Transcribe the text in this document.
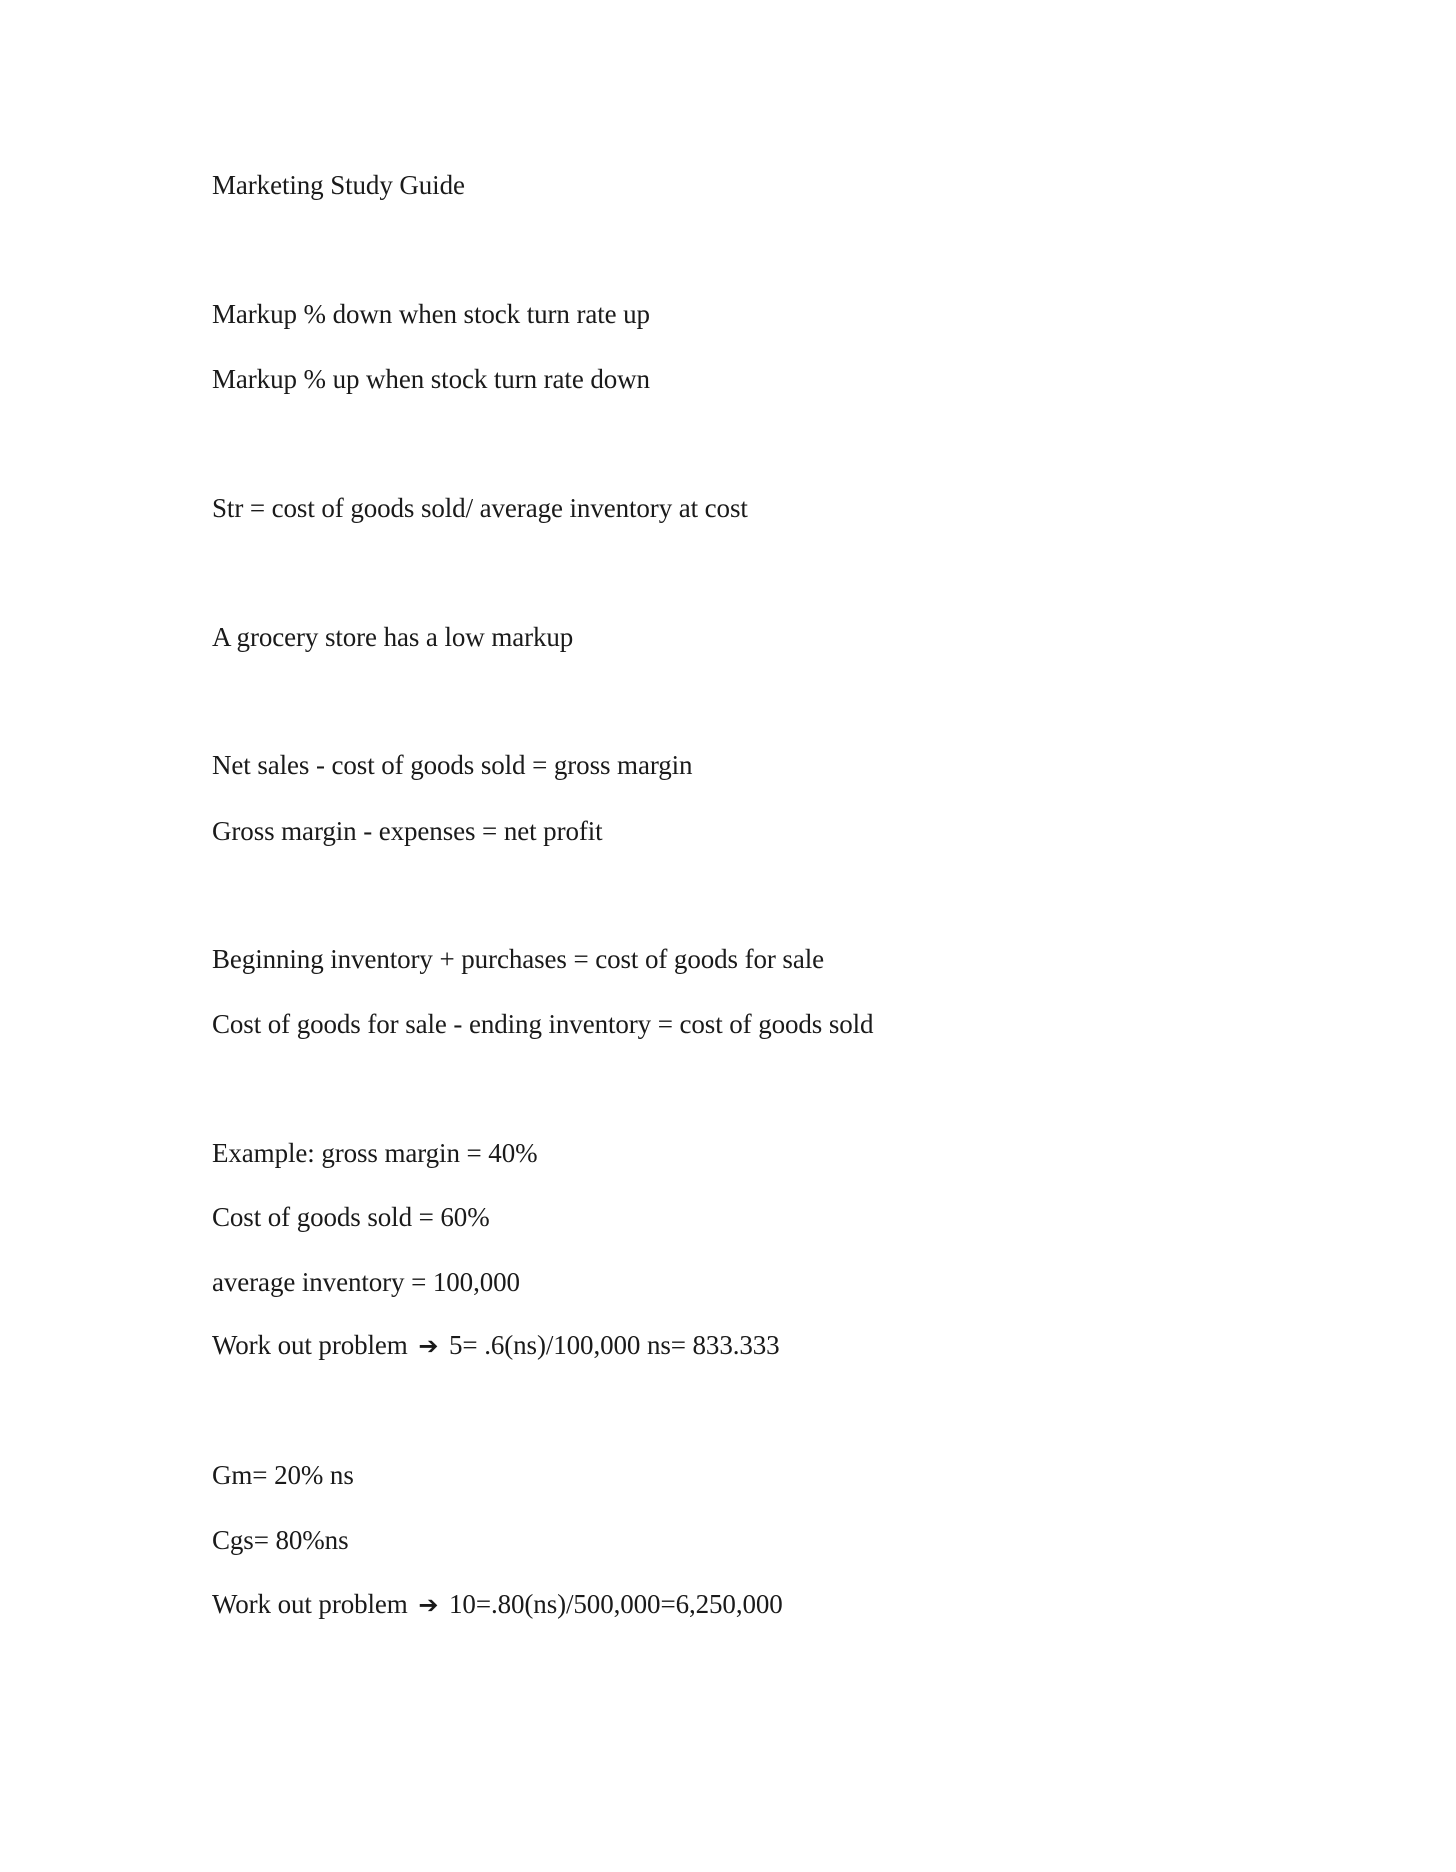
Marketing Study Guide

Markup % down when stock turn rate up

Markup % up when stock turn rate down

Str = cost of goods sold/ average inventory at cost

A grocery store has a low markup

Net sales - cost of goods sold = gross margin

Gross margin - expenses = net profit

Beginning inventory + purchases = cost of goods for sale

Cost of goods for sale - ending inventory = cost of goods sold

Example: gross margin = 40%

Cost of goods sold = 60%

average inventory = 100,000

Work out problem ➔ 5= .6(ns)/100,000 ns= 833.333

Gm= 20% ns

Cgs= 80%ns

Work out problem ➔ 10=.80(ns)/500,000=6,250,000
